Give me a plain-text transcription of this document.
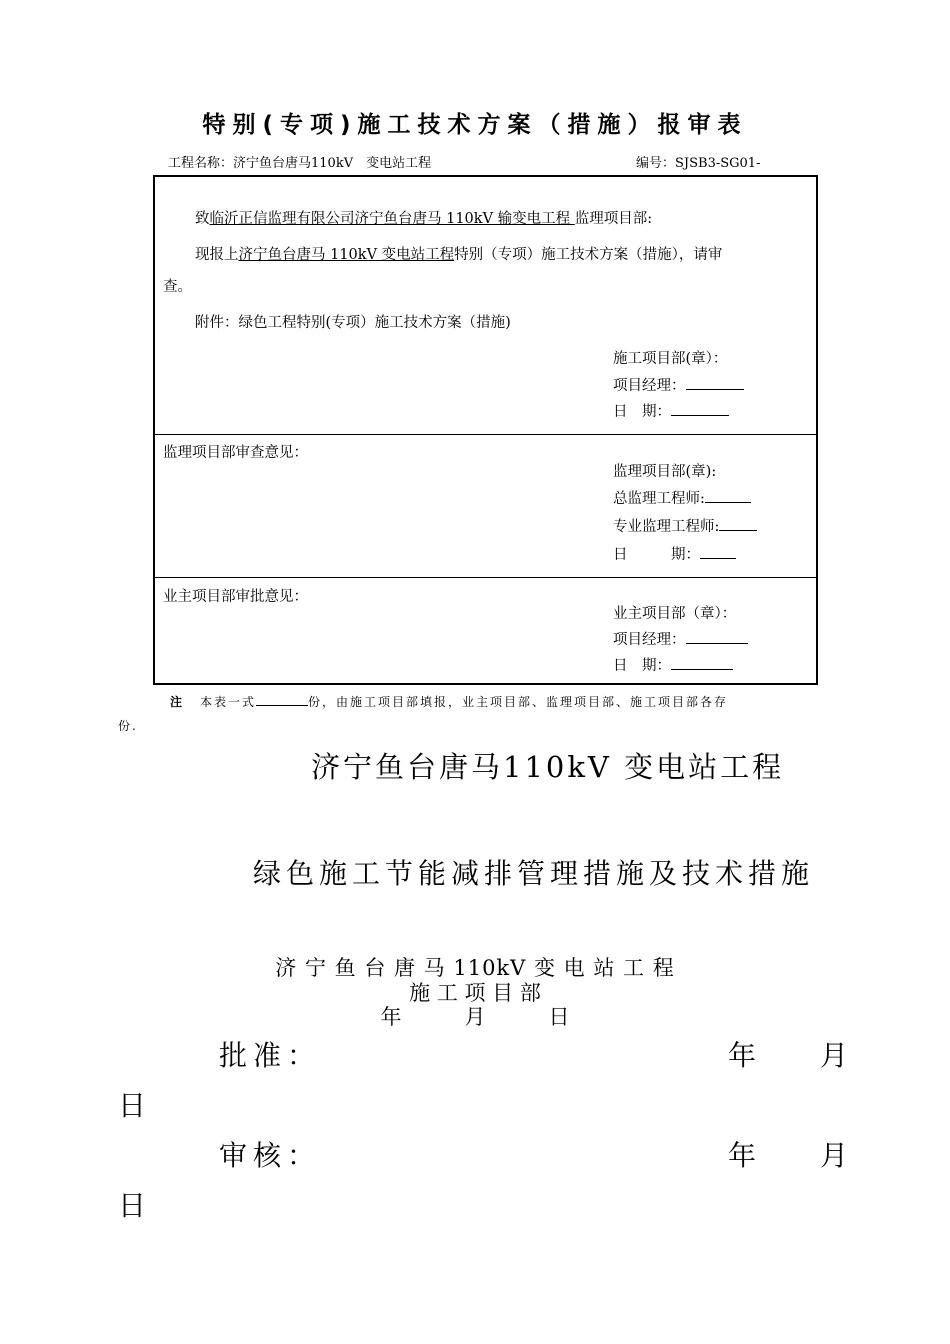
特别(专项)施工技术方案（措施）报审表
工程名称：济宁鱼台唐马110kV　变电站工程	编号：SJSB3-SG01-
致临沂正信监理有限公司济宁鱼台唐马 110kV 输变电工程 监理项目部:
现报上济宁鱼台唐马 110kV 变电站工程特别（专项）施工技术方案（措施），请审
查。
附件：绿色工程特别(专项）施工技术方案（措施)
施工项目部(章）：
项目经理：
日　期：
监理项目部审查意见：
监理项目部(章):
总监理工程师:
专业监理工程师:
日　　　期：
业主项目部审批意见：
业主项目部（章）：
项目经理：
日　期：
注 本表一式	份，由施工项目部填报，业主项目部、监理项目部、施工项目部各存
份.
济宁鱼台唐马110kV 变电站工程
绿色施工节能减排管理措施及技术措施
济 宁 鱼 台 唐 马 110kV 变 电 站 工 程
施 工 项 目 部
年　　　月　　　日
批准：	年 月
日
审核：	年 月
日
